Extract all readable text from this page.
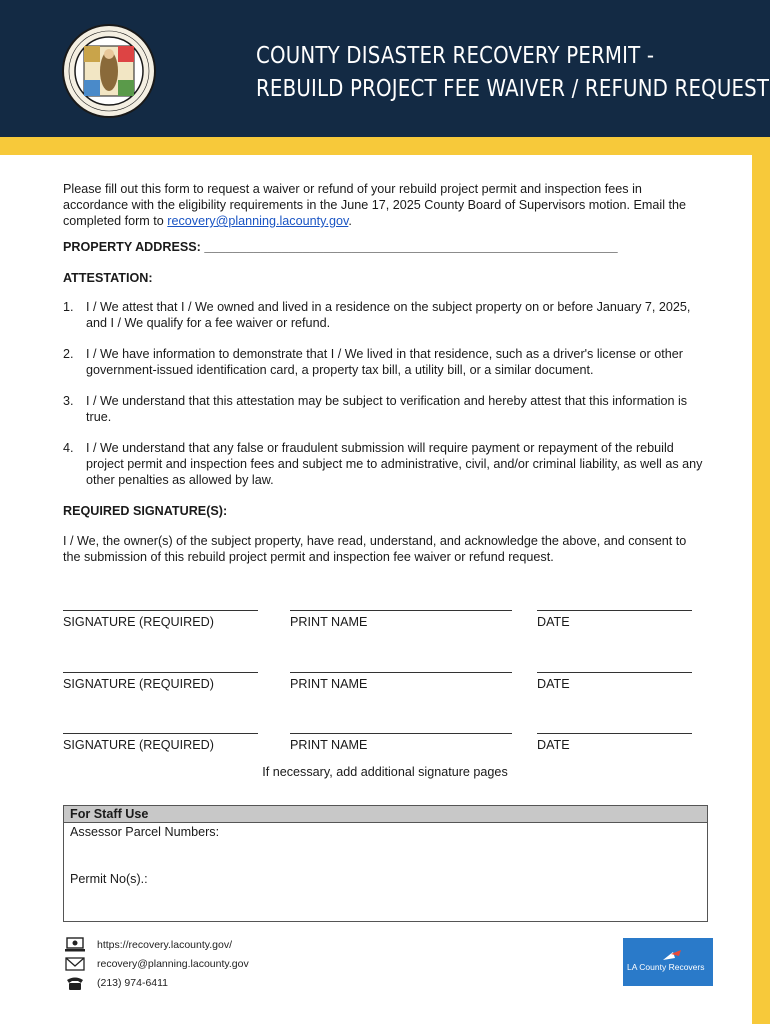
COUNTY DISASTER RECOVERY PERMIT -
REBUILD PROJECT FEE WAIVER / REFUND REQUEST

Please fill out this form to request a waiver or refund of your rebuild project permit and inspection fees in accordance with the eligibility requirements in the June 17, 2025 County Board of Supervisors motion. Email the completed form to recovery@planning.lacounty.gov.

PROPERTY ADDRESS: ___________________________________________________________
ATTESTATION:
1. I / We attest that I / We owned and lived in a residence on the subject property on or before January 7, 2025, and I / We qualify for a fee waiver or refund.
2. I / We have information to demonstrate that I / We lived in that residence, such as a driver's license or other government-issued identification card, a property tax bill, a utility bill, or a similar document.
3. I / We understand that this attestation may be subject to verification and hereby attest that this information is true.
4. I / We understand that any false or fraudulent submission will require payment or repayment of the rebuild project permit and inspection fees and subject me to administrative, civil, and/or criminal liability, as well as any other penalties as allowed by law.
REQUIRED SIGNATURE(S):

I / We, the owner(s) of the subject property, have read, understand, and acknowledge the above, and consent to the submission of this rebuild project permit and inspection fee waiver or refund request.

SIGNATURE (REQUIRED)	PRINT NAME	DATE
SIGNATURE (REQUIRED)	PRINT NAME	DATE
SIGNATURE (REQUIRED)	PRINT NAME	DATE
If necessary, add additional signature pages
For Staff Use
Assessor Parcel Numbers:
Permit No(s).:
https://recovery.lacounty.gov/
recovery@planning.lacounty.gov
(213) 974-6411
LA County Recovers
